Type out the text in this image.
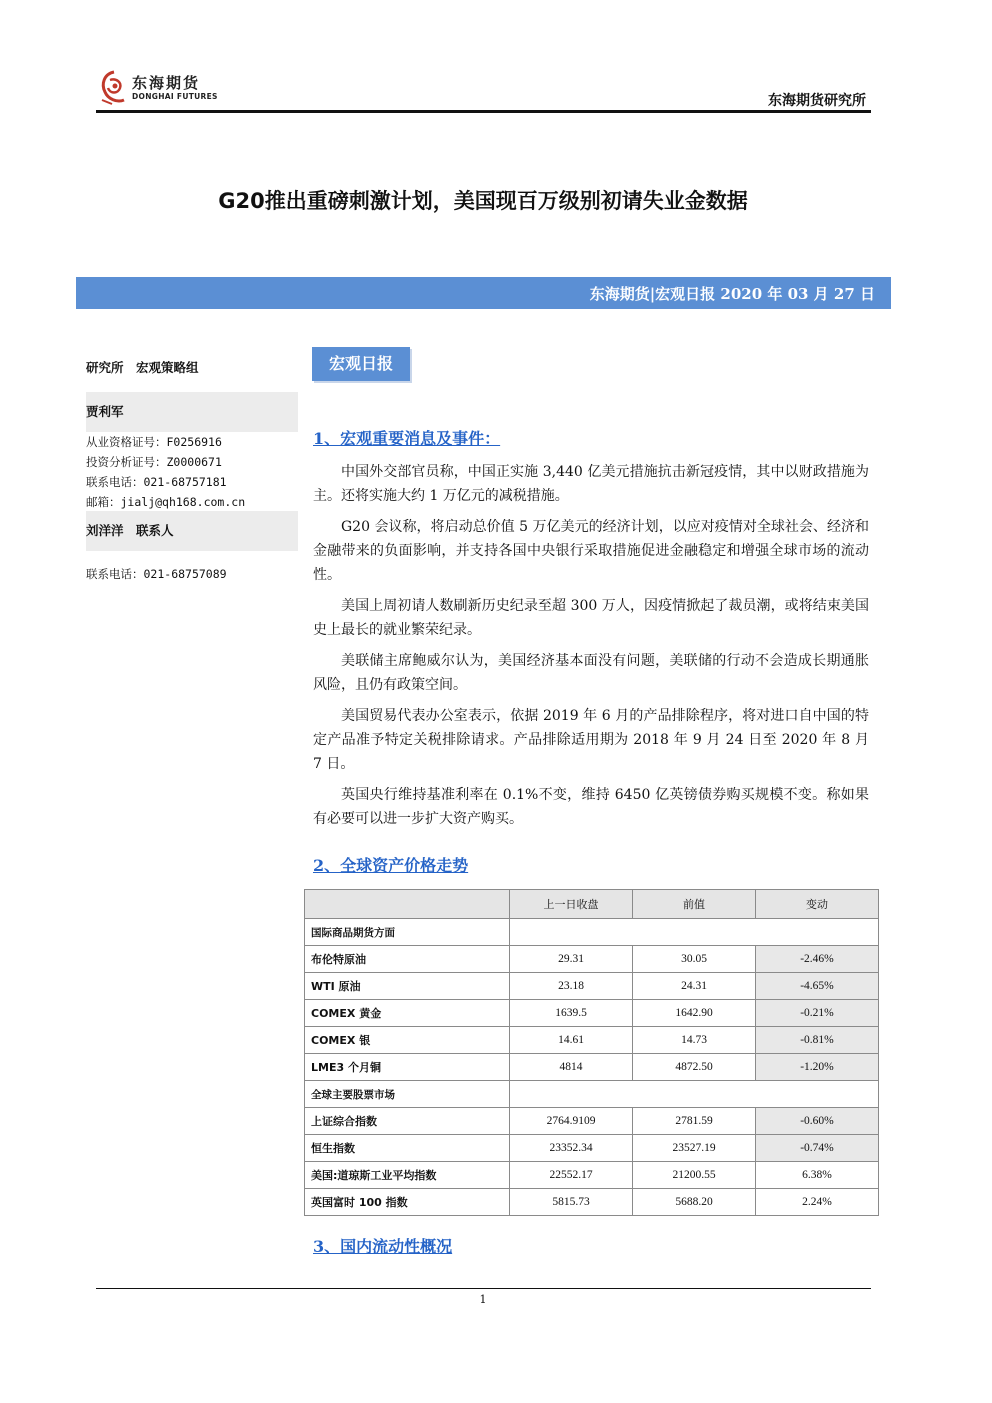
东海期货
DONGHAI FUTURES	东海期货研究所
G20推出重磅刺激计划，美国现百万级别初请失业金数据
东海期货|宏观日报 2020 年 03 月 27 日
研究所　宏观策略组
贾利军
从业资格证号：F0256916
投资分析证号：Z0000671
联系电话：021-68757181
邮箱：jialj@qh168.com.cn
刘洋洋　联系人
联系电话：021-68757089
宏观日报
1、宏观重要消息及事件：

中国外交部官员称，中国正实施 3,440 亿美元措施抗击新冠疫情，其中以财政措施为主。还将实施大约 1 万亿元的减税措施。

G20 会议称，将启动总价值 5 万亿美元的经济计划，以应对疫情对全球社会、经济和金融带来的负面影响，并支持各国中央银行采取措施促进金融稳定和增强全球市场的流动性。

美国上周初请人数刷新历史纪录至超 300 万人，因疫情掀起了裁员潮，或将结束美国史上最长的就业繁荣纪录。

美联储主席鲍威尔认为，美国经济基本面没有问题，美联储的行动不会造成长期通胀风险，且仍有政策空间。

美国贸易代表办公室表示，依据 2019 年 6 月的产品排除程序，将对进口自中国的特定产品准予特定关税排除请求。产品排除适用期为 2018 年 9 月 24 日至 2020 年 8 月 7 日。

英国央行维持基准利率在 0.1%不变，维持 6450 亿英镑债券购买规模不变。称如果有必要可以进一步扩大资产购买。

2、全球资产价格走势
	上一日收盘	前值	变动
国际商品期货方面			
布伦特原油	29.31	30.05	-2.46%
WTI 原油	23.18	24.31	-4.65%
COMEX 黄金	1639.5	1642.90	-0.21%
COMEX 银	14.61	14.73	-0.81%
LME3 个月铜	4814	4872.50	-1.20%
全球主要股票市场			
上证综合指数	2764.9109	2781.59	-0.60%
恒生指数	23352.34	23527.19	-0.74%
美国:道琼斯工业平均指数	22552.17	21200.55	6.38%
英国富时 100 指数	5815.73	5688.20	2.24%
3、国内流动性概况
1
